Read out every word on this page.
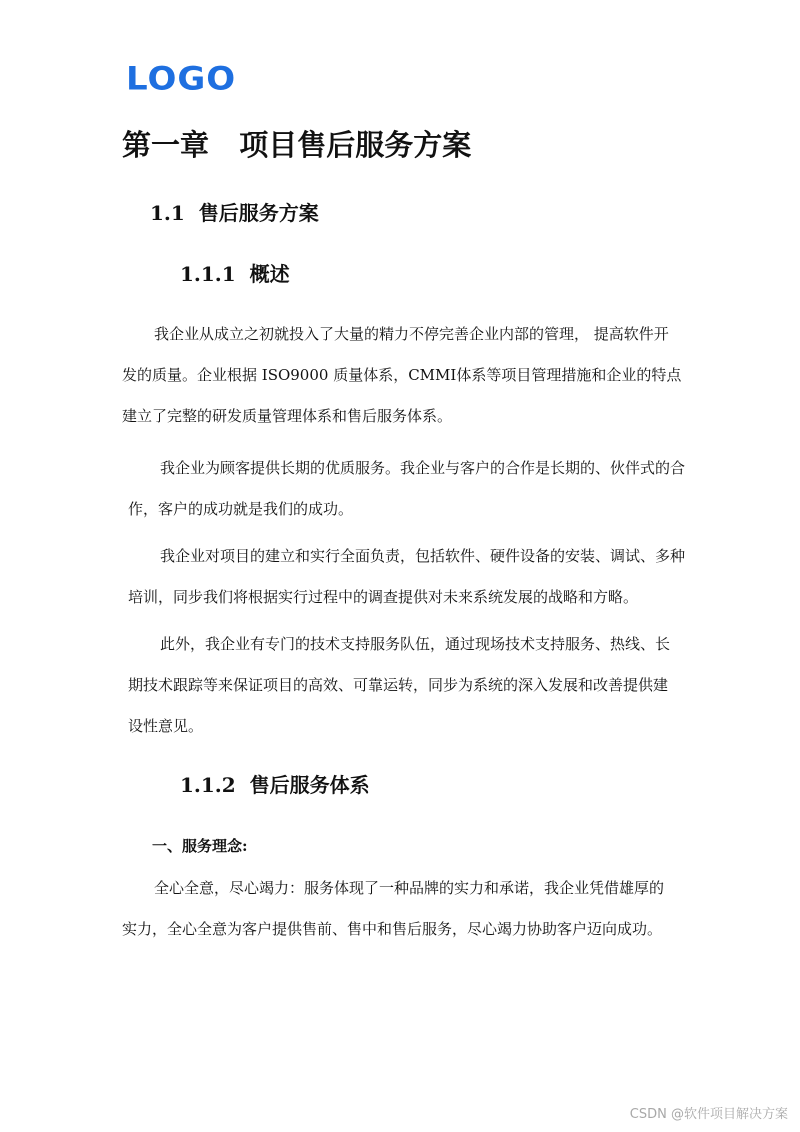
LOGO
第一章   项目售后服务方案
1.1  售后服务方案
1.1.1  概述
我企业从成立之初就投入了大量的精力不停完善企业内部的管理， 提高软件开发的质量。企业根据 ISO9000 质量体系，CMMI体系等项目管理措施和企业的特点建立了完整的研发质量管理体系和售后服务体系。
我企业为顾客提供长期的优质服务。我企业与客户的合作是长期的、伙伴式的合作，客户的成功就是我们的成功。
我企业对项目的建立和实行全面负责，包括软件、硬件设备的安装、调试、多种培训，同步我们将根据实行过程中的调查提供对未来系统发展的战略和方略。
此外，我企业有专门的技术支持服务队伍，通过现场技术支持服务、热线、长期技术跟踪等来保证项目的高效、可靠运转，同步为系统的深入发展和改善提供建设性意见。
1.1.2  售后服务体系
一、服务理念:
全心全意，尽心竭力：服务体现了一种品牌的实力和承诺，我企业凭借雄厚的实力，全心全意为客户提供售前、售中和售后服务，尽心竭力协助客户迈向成功。
CSDN @软件项目解决方案
